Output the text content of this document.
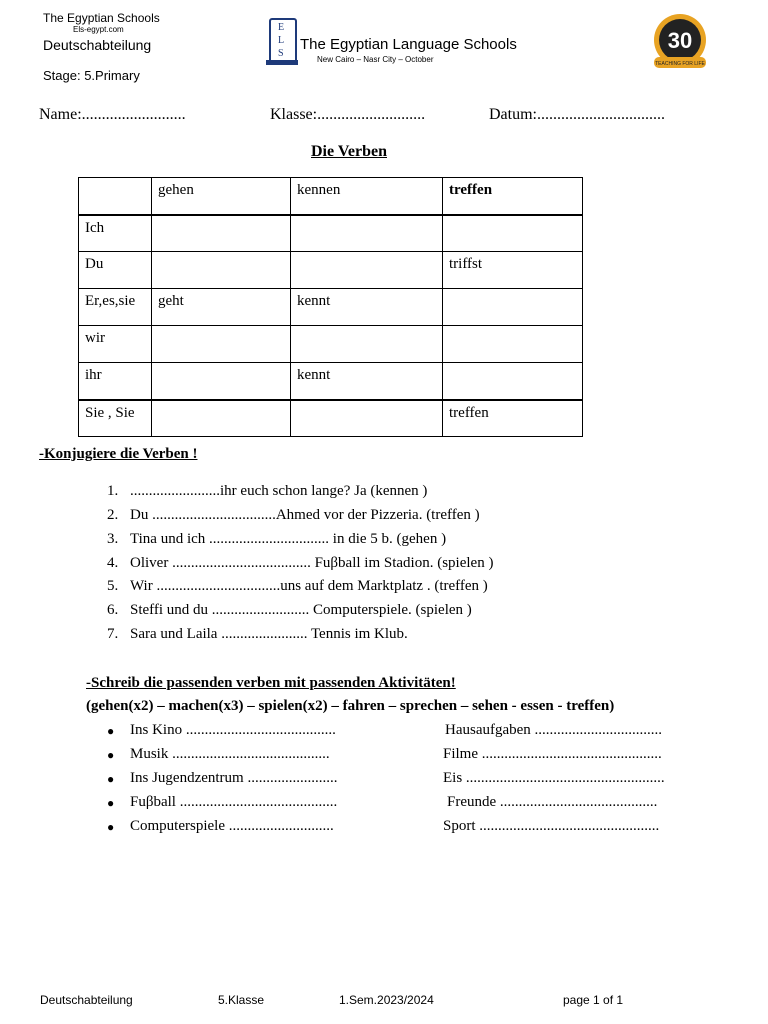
The Egyptian Schools
Els-egypt.com
Deutschabteilung
Stage: 5.Primary
E
L
S
The Egyptian Language Schools
New Cairo – Nasr City – October
30
TEACHING FOR LIFE
Name:..........................	Klasse:...........................	Datum:................................
Die Verben
	gehen	kennen	treffen
Ich			
Du			triffst
Er,es,sie	geht	kennt	
wir			
ihr		kennt	
Sie , Sie			treffen
-Konjugiere die Verben !
1. ........................ihr euch schon lange? Ja (kennen )
2. Du .................................Ahmed vor der Pizzeria. (treffen )
3. Tina und ich ................................ in die 5 b. (gehen )
4. Oliver ..................................... Fuβball im Stadion. (spielen )
5. Wir .................................uns auf dem Marktplatz . (treffen )
6. Steffi und du .......................... Computerspiele. (spielen )
7. Sara und Laila ....................... Tennis im Klub.
-Schreib die passenden verben mit passenden Aktivitäten!
(gehen(x2) – machen(x3) – spielen(x2) – fahren – sprechen – sehen - essen - treffen)
● Ins Kino ........................................	Hausaufgaben ..................................
● Musik ..........................................	Filme ................................................
● Ins Jugendzentrum ........................	Eis .....................................................
● Fuβball ..........................................	Freunde ..........................................
● Computerspiele ............................	Sport ................................................
Deutschabteilung	5.Klasse	1.Sem.2023/2024	page 1 of 1
